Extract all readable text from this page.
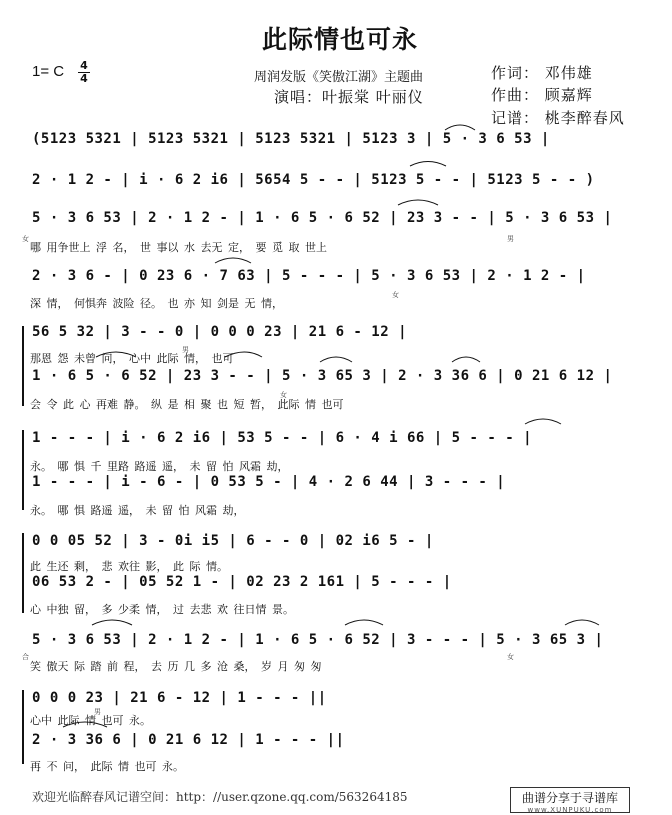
此际情也可永
1= C 4
4	周润发版《笑傲江湖》主题曲
演唱：叶振棠 叶丽仪
作词： 邓伟雄
作曲： 顾嘉辉
记谱： 桃李醉春风
(5123 5321 | 5123 5321 | 5123 5321 | 5123 3 | 5 · 3 6 53 |
2 · 1 2 - | i · 6 2 i6 | 5654 5 - - | 5123 5 - - | 5123 5 - - )
5 · 3 6 53 | 2 · 1 2 - | 1 · 6 5 · 6 52 | 23 3 - - | 5 · 3 6 53 |
哪 用争世上 浮 名， 世 事以 水 去无 定， 要 觅 取 世上
2 · 3 6 - | 0 23 6 · 7 63 | 5 - - - | 5 · 3 6 53 | 2 · 1 2 - |
深 情， 何惧奔 波险 径。 也 亦 知 剑是 无 情，
56 5 32 | 3 - - 0 | 0 0 0 23 | 21 6 - 12 |
那恩 怨 未曾 问， 心中 此际 情， 也可
1 · 6 5 · 6 52 | 23 3 - - | 5 · 3 65 3 | 2 · 3 36 6 | 0 21 6 12 |
会 令 此 心 再难 静。 纵 是 相 聚 也 短 暂， 此际 情 也可
1 - - - | i · 6 2 i6 | 53 5 - - | 6 · 4 i 66 | 5 - - - |
永。 哪 惧 千 里路 路遥 遥， 未 留 怕 风霜 劫，
1 - - - | i - 6 - | 0 53 5 - | 4 · 2 6 44 | 3 - - - |
永。 哪 惧 路遥 遥， 未 留 怕 风霜 劫，
0 0 05 52 | 3 - 0i i5 | 6 - - 0 | 02 i6 5 - |
此 生还 剩， 悲 欢往 影， 此 际 情。
06 53 2 - | 05 52 1 - | 02 23 2 161 | 5 - - - |
心 中独 留， 多 少柔 情， 过 去悲 欢 往日情 景。
5 · 3 6 53 | 2 · 1 2 - | 1 · 6 5 · 6 52 | 3 - - - | 5 · 3 65 3 |
笑 傲天 际 踏 前 程， 去 历 几 多 沧 桑， 岁 月 匆 匆
0 0 0 23 | 21 6 - 12 | 1 - - - ||
心中 此际 情 也可 永。
2 · 3 36 6 | 0 21 6 12 | 1 - - - ||
再 不 问， 此际 情 也可 永。
女	男
女
男
女
合	女
男
欢迎光临醉春风记谱空间：http：//user.qzone.qq.com/563264185	曲谱分享于寻谱库
www.XUNPUKU.com
